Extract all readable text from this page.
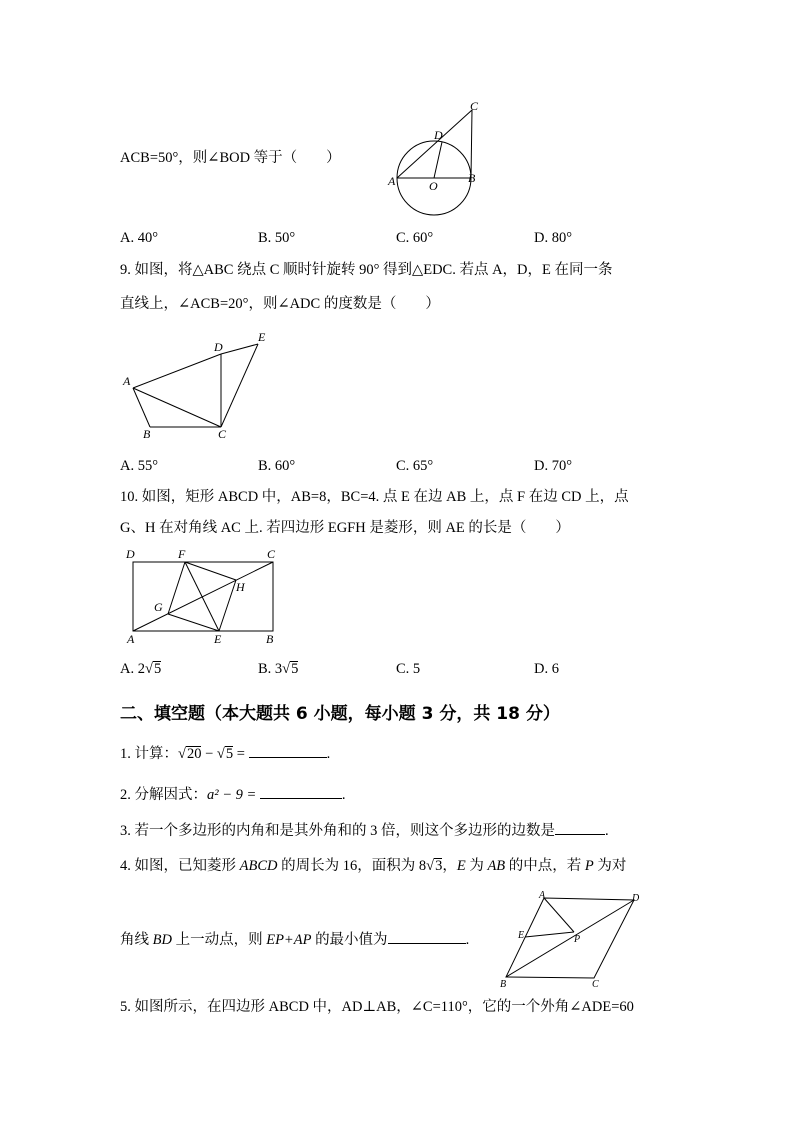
ACB=50°，则∠BOD 等于（　　）
A	O
B
D
C
A. 40°	B. 50°	C. 60°	D. 80°
9. 如图，将△ABC 绕点 C 顺时针旋转 90° 得到△EDC. 若点 A，D，E 在同一条
直线上，∠ACB=20°，则∠ADC 的度数是（　　）
A
B	C
D
E
A. 55°	B. 60°	C. 65°	D. 70°
10. 如图，矩形 ABCD 中，AB=8，BC=4. 点 E 在边 AB 上，点 F 在边 CD 上，点
G、H 在对角线 AC 上. 若四边形 EGFH 是菱形，则 AE 的长是（　　）
D	F	C
H
G
A	E	B
A. 2√5	B. 3√5	C. 5	D. 6
二、填空题（本大题共 6 小题，每小题 3 分，共 18 分）
1. 计算：√20 − √5 =	.
2. 分解因式：a² − 9 =	.
3. 若一个多边形的内角和是其外角和的 3 倍，则这个多边形的边数是	.
4. 如图，已知菱形 ABCD 的周长为 16，面积为 8√3，E 为 AB 的中点，若 P 为对
角线 BD 上一动点，则 EP+AP 的最小值为	.
A	D
E	P
B	C
5. 如图所示，在四边形 ABCD 中，AD⊥AB，∠C=110°，它的一个外角∠ADE=60
